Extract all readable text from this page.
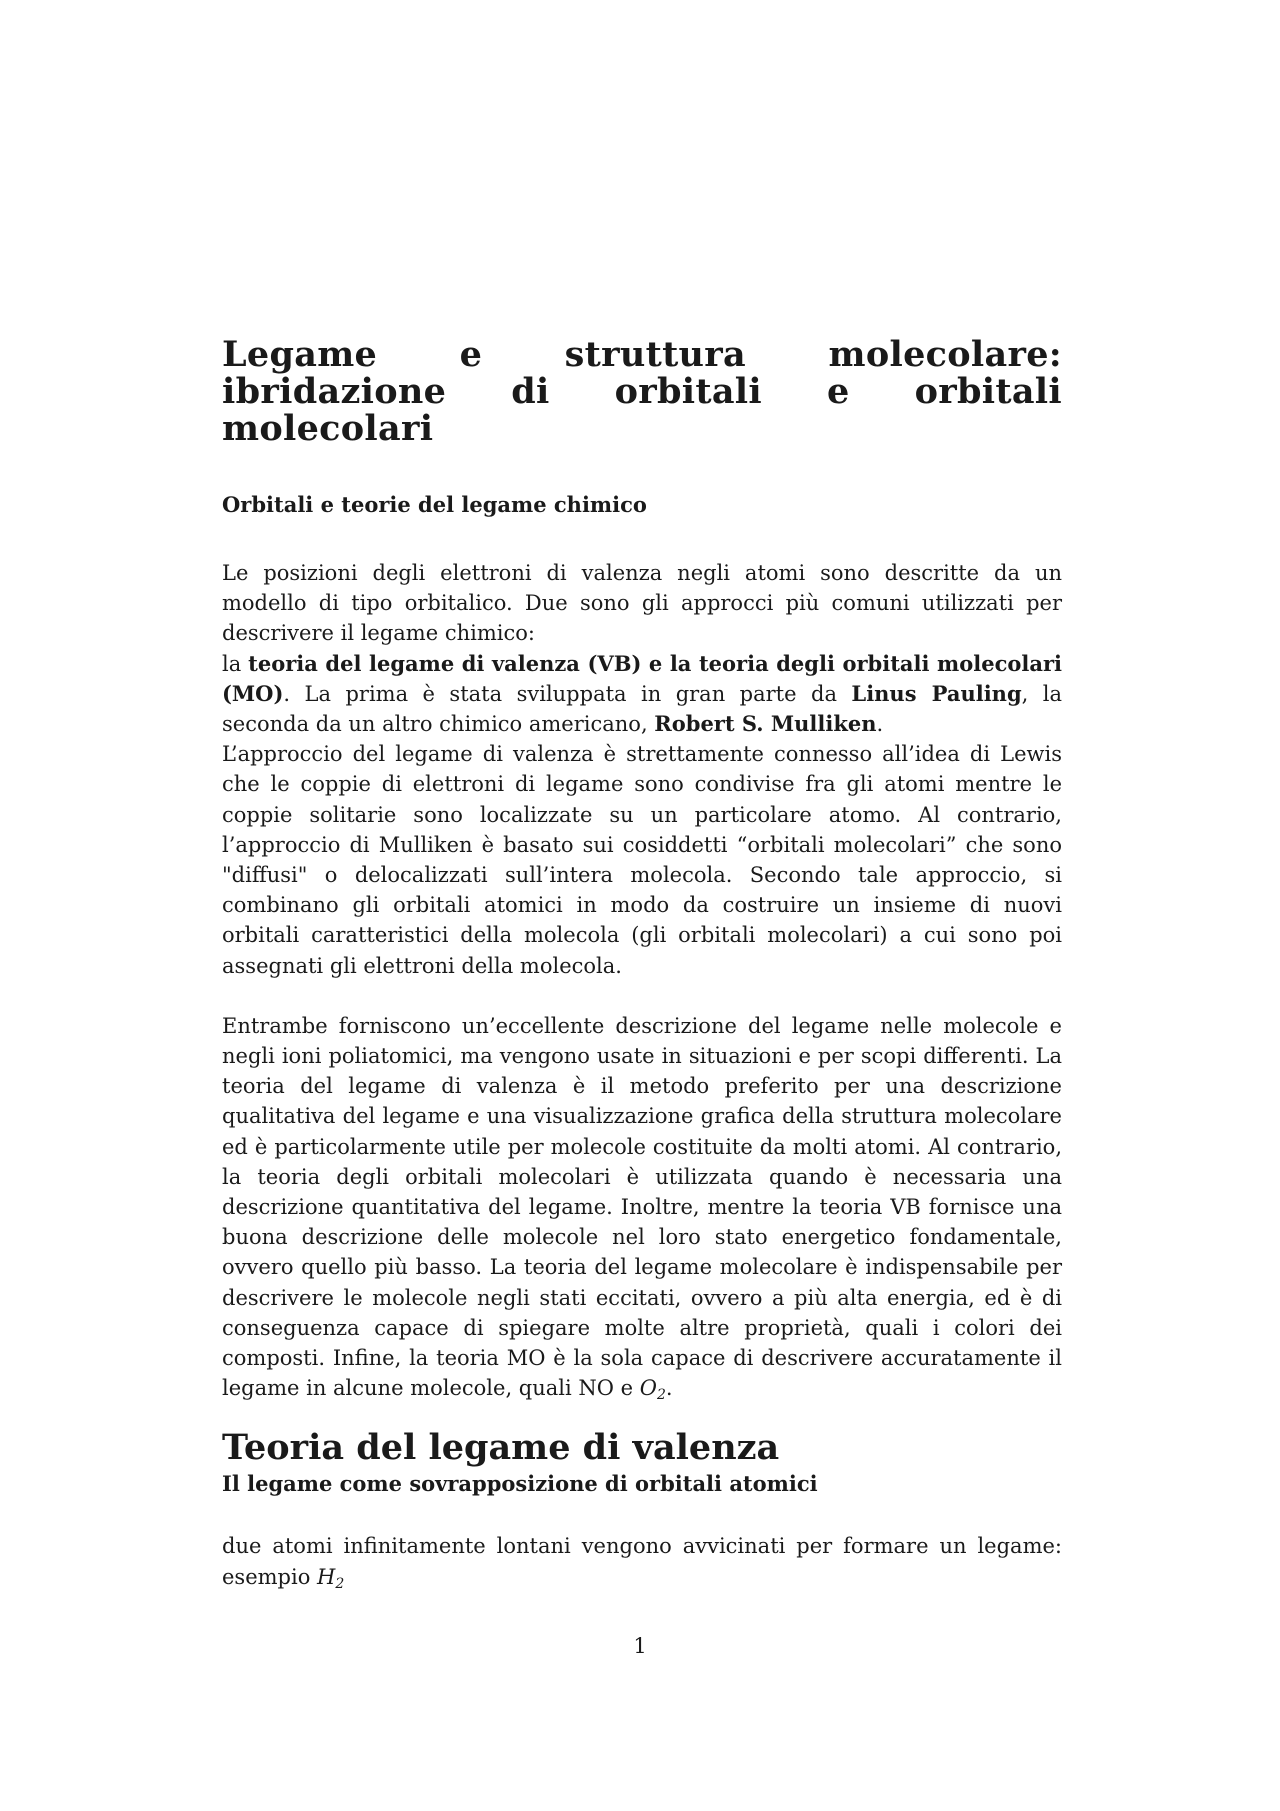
Legame e struttura molecolare: ibridazione di orbitali e orbitali molecolari
Orbitali e teorie del legame chimico

Le posizioni degli elettroni di valenza negli atomi sono descritte da un modello di tipo orbitalico. Due sono gli approcci più comuni utilizzati per descrivere il legame chimico:
la teoria del legame di valenza (VB) e la teoria degli orbitali molecolari (MO). La prima è stata sviluppata in gran parte da Linus Pauling, la seconda da un altro chimico americano, Robert S. Mulliken.

L’approccio del legame di valenza è strettamente connesso all’idea di Lewis che le coppie di elettroni di legame sono condivise fra gli atomi mentre le coppie solitarie sono localizzate su un particolare atomo. Al contrario, l’approccio di Mulliken è basato sui cosiddetti “orbitali molecolari” che sono "diffusi" o delocalizzati sull’intera molecola. Secondo tale approccio, si combinano gli orbitali atomici in modo da costruire un insieme di nuovi orbitali caratteristici della molecola (gli orbitali molecolari) a cui sono poi assegnati gli elettroni della molecola.

Entrambe forniscono un’eccellente descrizione del legame nelle molecole e negli ioni poliatomici, ma vengono usate in situazioni e per scopi differenti. La teoria del legame di valenza è il metodo preferito per una descrizione qualitativa del legame e una visualizzazione grafica della struttura molecolare ed è particolarmente utile per molecole costituite da molti atomi. Al contrario, la teoria degli orbitali molecolari è utilizzata quando è necessaria una descrizione quantitativa del legame. Inoltre, mentre la teoria VB fornisce una buona descrizione delle molecole nel loro stato energetico fondamentale, ovvero quello più basso. La teoria del legame molecolare è indispensabile per descrivere le molecole negli stati eccitati, ovvero a più alta energia, ed è di conseguenza capace di spiegare molte altre proprietà, quali i colori dei composti. Infine, la teoria MO è la sola capace di descrivere accuratamente il legame in alcune molecole, quali NO e $O_2$.

Teoria del legame di valenza
Il legame come sovrapposizione di orbitali atomici

due atomi infinitamente lontani vengono avvicinati per formare un legame: esempio $H_2$

1
